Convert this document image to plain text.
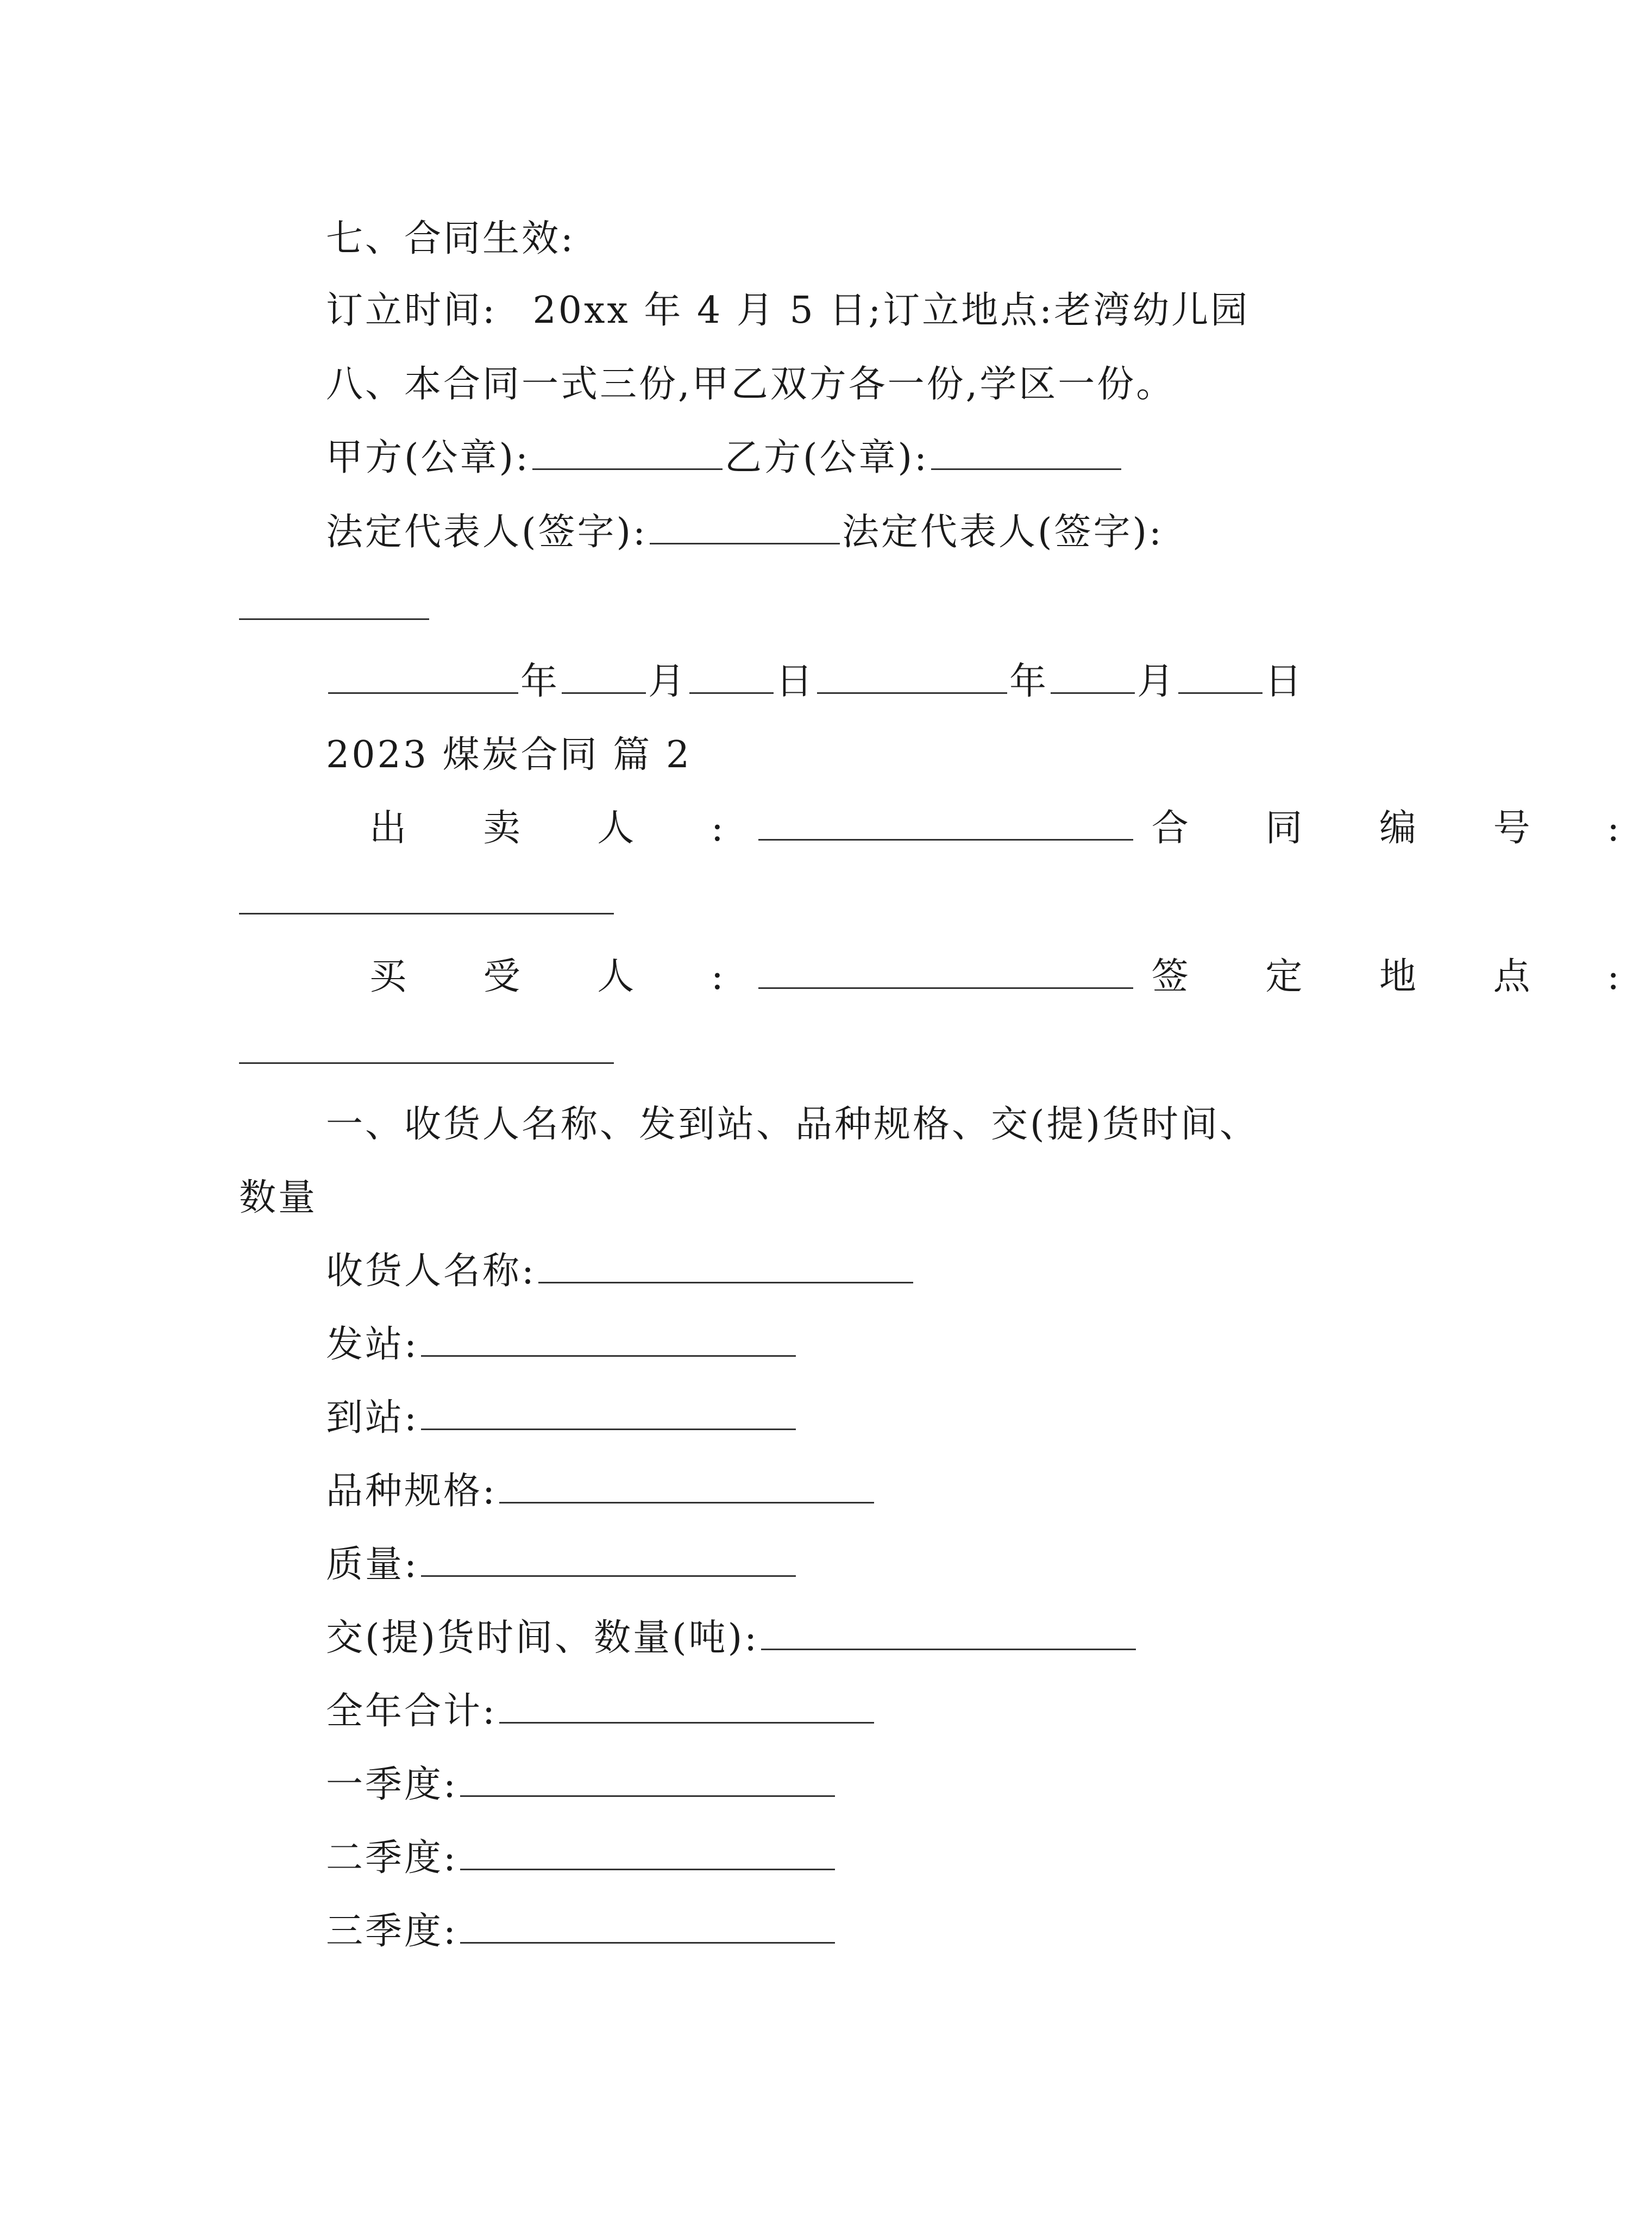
七、合同生效:
订立时间: 20xx 年 4 月 5 日;订立地点:老湾幼儿园
八、本合同一式三份,甲乙双方各一份,学区一份。
甲方(公章):	乙方(公章):
法定代表人(签字):	法定代表人(签字):
年 月 日	年 月 日
2023 煤炭合同 篇 2
出 卖 人 :	合 同 编 号 :
买 受 人 :	签 定 地 点 :
一、收货人名称、发到站、品种规格、交(提)货时间、
数量
收货人名称:
发站:
到站:
品种规格:
质量:
交(提)货时间、数量(吨):
全年合计:
一季度:
二季度:
三季度:
